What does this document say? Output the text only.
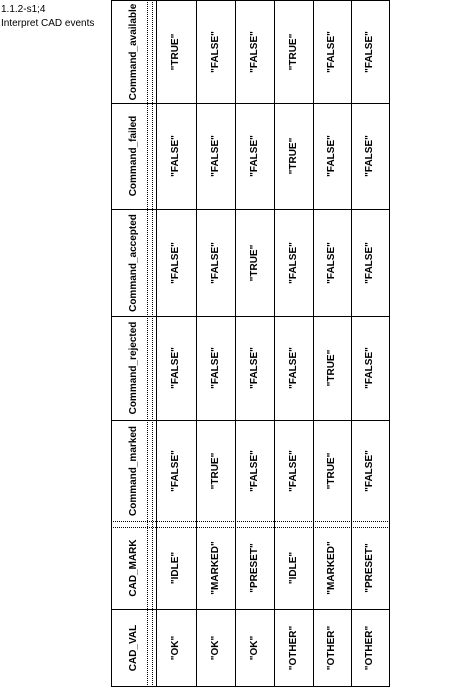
1.1.2-s1;4
Interpret CAD events
CAD_VAL	"OK"	"OK"	"OK"	"OTHER"	"OTHER"	"OTHER"
CAD_MARK	"IDLE"	"MARKED"	"PRESET"	"IDLE"	"MARKED"	"PRESET"
Command_marked	"FALSE"	"TRUE"	"FALSE"	"FALSE"	"TRUE"	"FALSE"
Command_rejected	"FALSE"	"FALSE"	"FALSE"	"FALSE"	"TRUE"	"FALSE"
Command_accepted	"FALSE"	"FALSE"	"TRUE"	"FALSE"	"FALSE"	"FALSE"
Command_failed	"FALSE"	"FALSE"	"FALSE"	"TRUE"	"FALSE"	"FALSE"
Command_available	"TRUE"	"FALSE"	"FALSE"	"TRUE"	"FALSE"	"FALSE"
